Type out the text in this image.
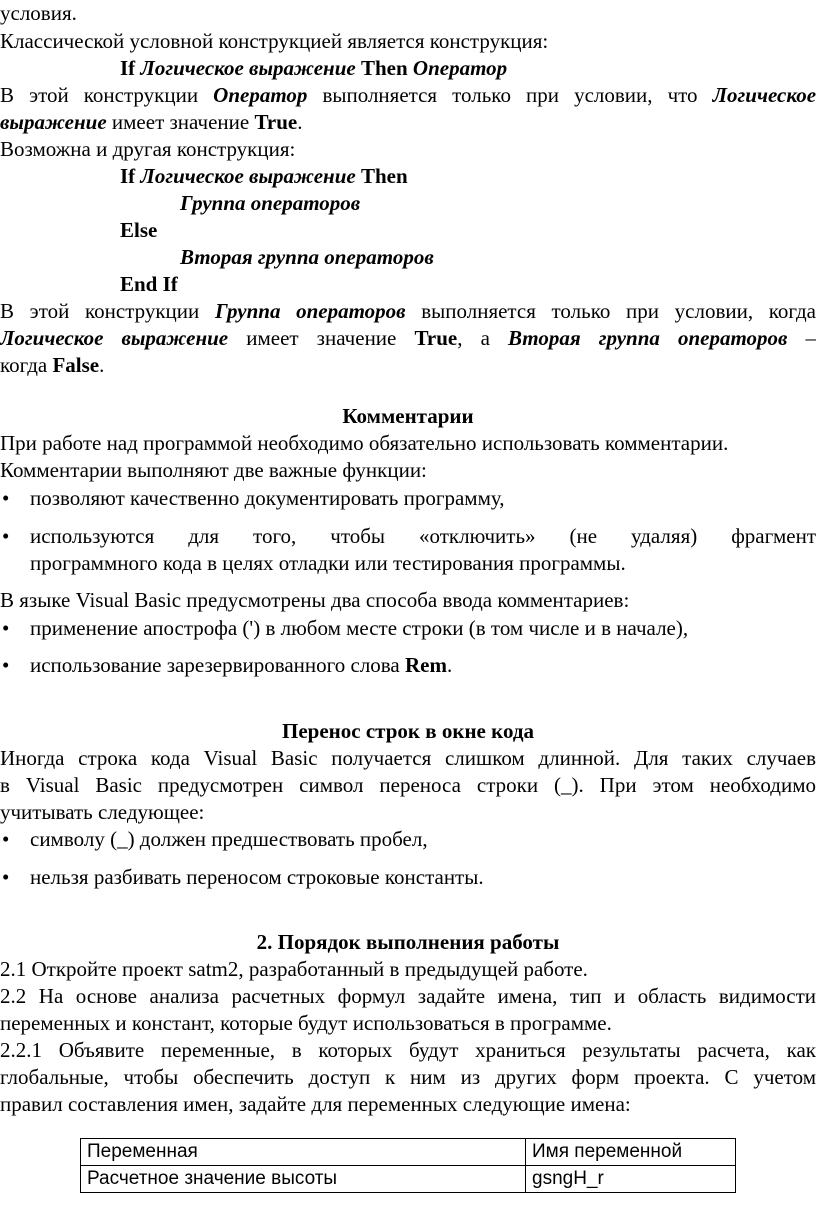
условия.

Классической условной конструкцией является конструкция:

If Логическое выражение Then Оператор

В этой конструкции Оператор выполняется только при условии, что Логическое

выражение имеет значение True.

Возможна и другая конструкция:

If Логическое выражение Then

Группа операторов

Else

Вторая группа операторов

End If

В этой конструкции Группа операторов выполняется только при условии, когда

Логическое выражение имеет значение True, а Вторая группа операторов –

когда False.

Комментарии

При работе над программой необходимо обязательно использовать комментарии.

Комментарии выполняют две важные функции:

• позволяют качественно документировать программу,
• используются для того, чтобы «отключить» (не удаляя) фрагмент
программного кода в целях отладки или тестирования программы.

В языке Visual Basic предусмотрены два способа ввода комментариев:

• применение апострофа (') в любом месте строки (в том числе и в начале),
• использование зарезервированного слова Rem.

Перенос строк в окне кода

Иногда строка кода Visual Basic получается слишком длинной. Для таких случаев

в Visual Basic предусмотрен символ переноса строки (_). При этом необходимо

учитывать следующее:

• символу (_) должен предшествовать пробел,
• нельзя разбивать переносом строковые константы.

2. Порядок выполнения работы

2.1 Откройте проект satm2, разработанный в предыдущей работе.

2.2 На основе анализа расчетных формул задайте имена, тип и область видимости

переменных и констант, которые будут использоваться в программе.

2.2.1 Объявите переменные, в которых будут храниться результаты расчета, как

глобальные, чтобы обеспечить доступ к ним из других форм проекта. С учетом

правил составления имен, задайте для переменных следующие имена:

Переменная	Имя переменной
Расчетное значение высоты	gsngH_r
